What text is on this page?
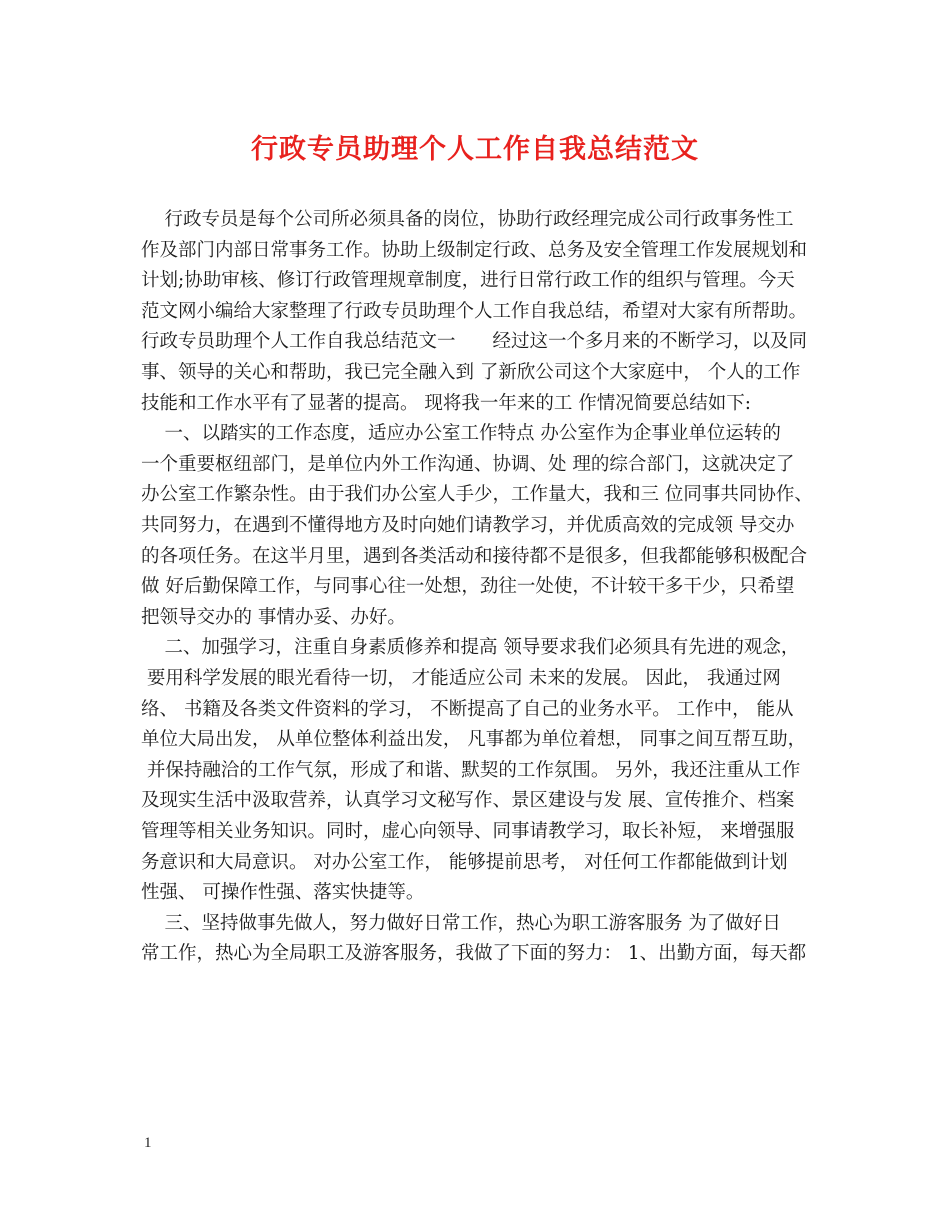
行政专员助理个人工作自我总结范文
行政专员是每个公司所必须具备的岗位，协助行政经理完成公司行政事务性工
作及部门内部日常事务工作。协助上级制定行政、总务及安全管理工作发展规划和
计划;协助审核、修订行政管理规章制度，进行日常行政工作的组织与管理。今天
范文网小编给大家整理了行政专员助理个人工作自我总结，希望对大家有所帮助。
行政专员助理个人工作自我总结范文一　　经过这一个多月来的不断学习，以及同
事、领导的关心和帮助，我已完全融入到 了新欣公司这个大家庭中， 个人的工作
技能和工作水平有了显著的提高。 现将我一年来的工 作情况简要总结如下:
一、以踏实的工作态度，适应办公室工作特点 办公室作为企事业单位运转的
一个重要枢纽部门，是单位内外工作沟通、协调、处 理的综合部门，这就决定了
办公室工作繁杂性。由于我们办公室人手少，工作量大，我和三 位同事共同协作、
共同努力，在遇到不懂得地方及时向她们请教学习，并优质高效的完成领 导交办
的各项任务。在这半月里，遇到各类活动和接待都不是很多，但我都能够积极配合
做 好后勤保障工作，与同事心往一处想，劲往一处使，不计较干多干少，只希望
把领导交办的 事情办妥、办好。
二、加强学习，注重自身素质修养和提高 领导要求我们必须具有先进的观念，
要用科学发展的眼光看待一切， 才能适应公司 未来的发展。 因此， 我通过网
络、 书籍及各类文件资料的学习， 不断提高了自己的业务水平。 工作中， 能从
单位大局出发， 从单位整体利益出发， 凡事都为单位着想， 同事之间互帮互助，
并保持融洽的工作气氛，形成了和谐、默契的工作氛围。 另外，我还注重从工作
及现实生活中汲取营养，认真学习文秘写作、景区建设与发 展、宣传推介、档案
管理等相关业务知识。同时，虚心向领导、同事请教学习，取长补短， 来增强服
务意识和大局意识。 对办公室工作， 能够提前思考， 对任何工作都能做到计划
性强、 可操作性强、落实快捷等。
三、坚持做事先做人，努力做好日常工作，热心为职工游客服务 为了做好日
常工作，热心为全局职工及游客服务，我做了下面的努力： 1、出勤方面，每天都
1
